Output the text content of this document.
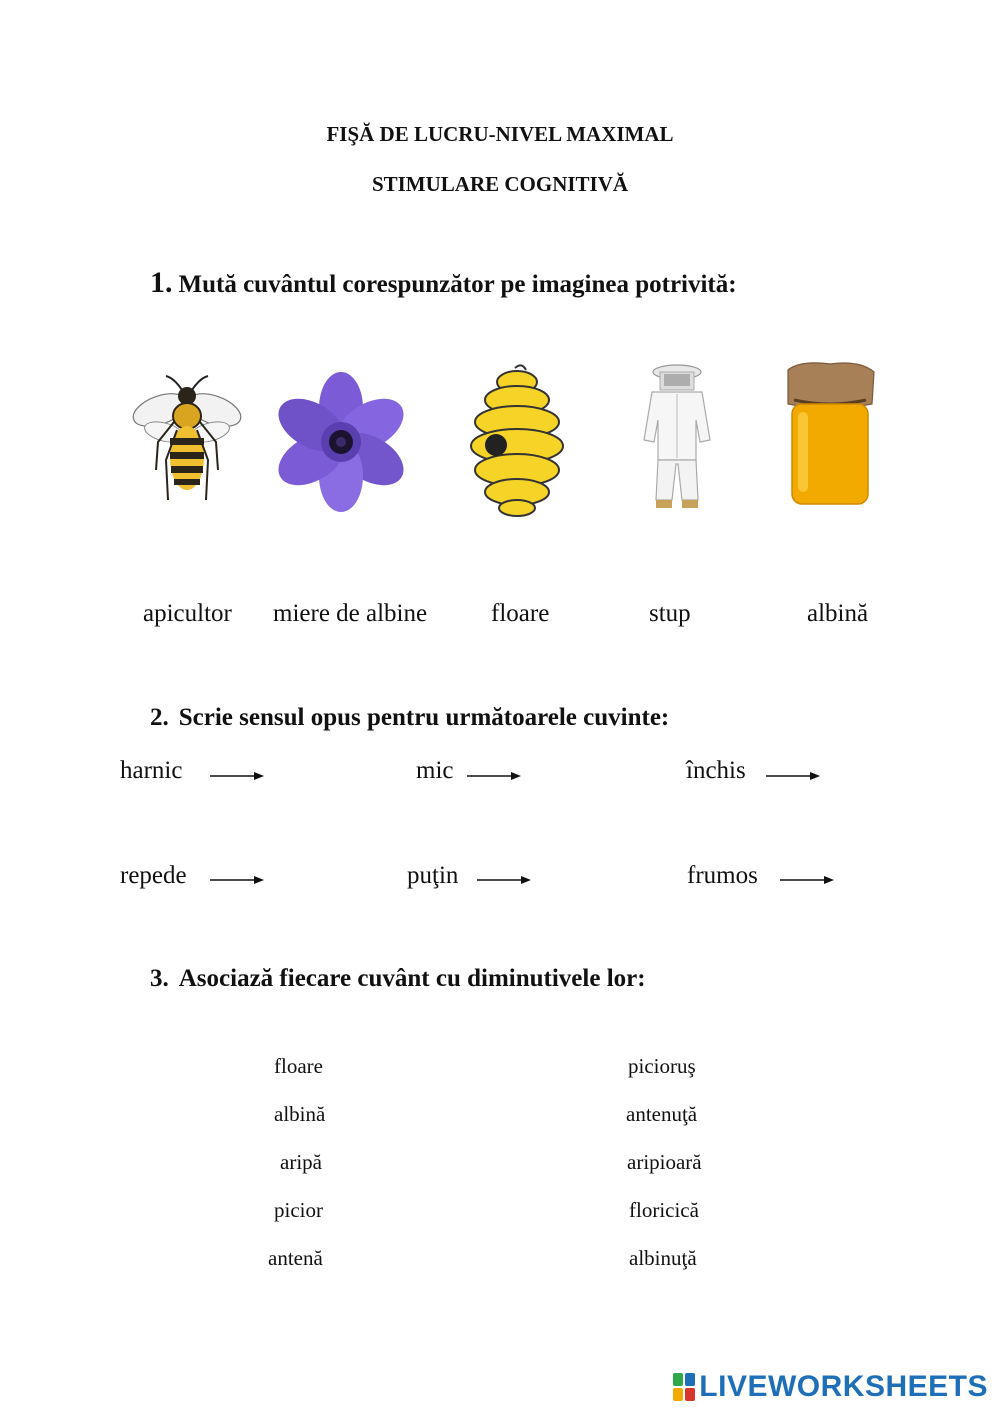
FIŞĂ DE LUCRU-NIVEL MAXIMAL
STIMULARE COGNITIVĂ
1. Mută cuvântul corespunzător pe imaginea potrivită:
apicultor miere de albine	floare	stup	albină
2. Scrie sensul opus pentru următoarele cuvinte:
harnic	mic	închis
repede	puţin	frumos
3. Asociază fiecare cuvânt cu diminutivele lor:
floare
albină
aripă
picior
antenă
picioruş
antenuţă
aripioară
floricică
albinuţă
LIVEWORKSHEETS
